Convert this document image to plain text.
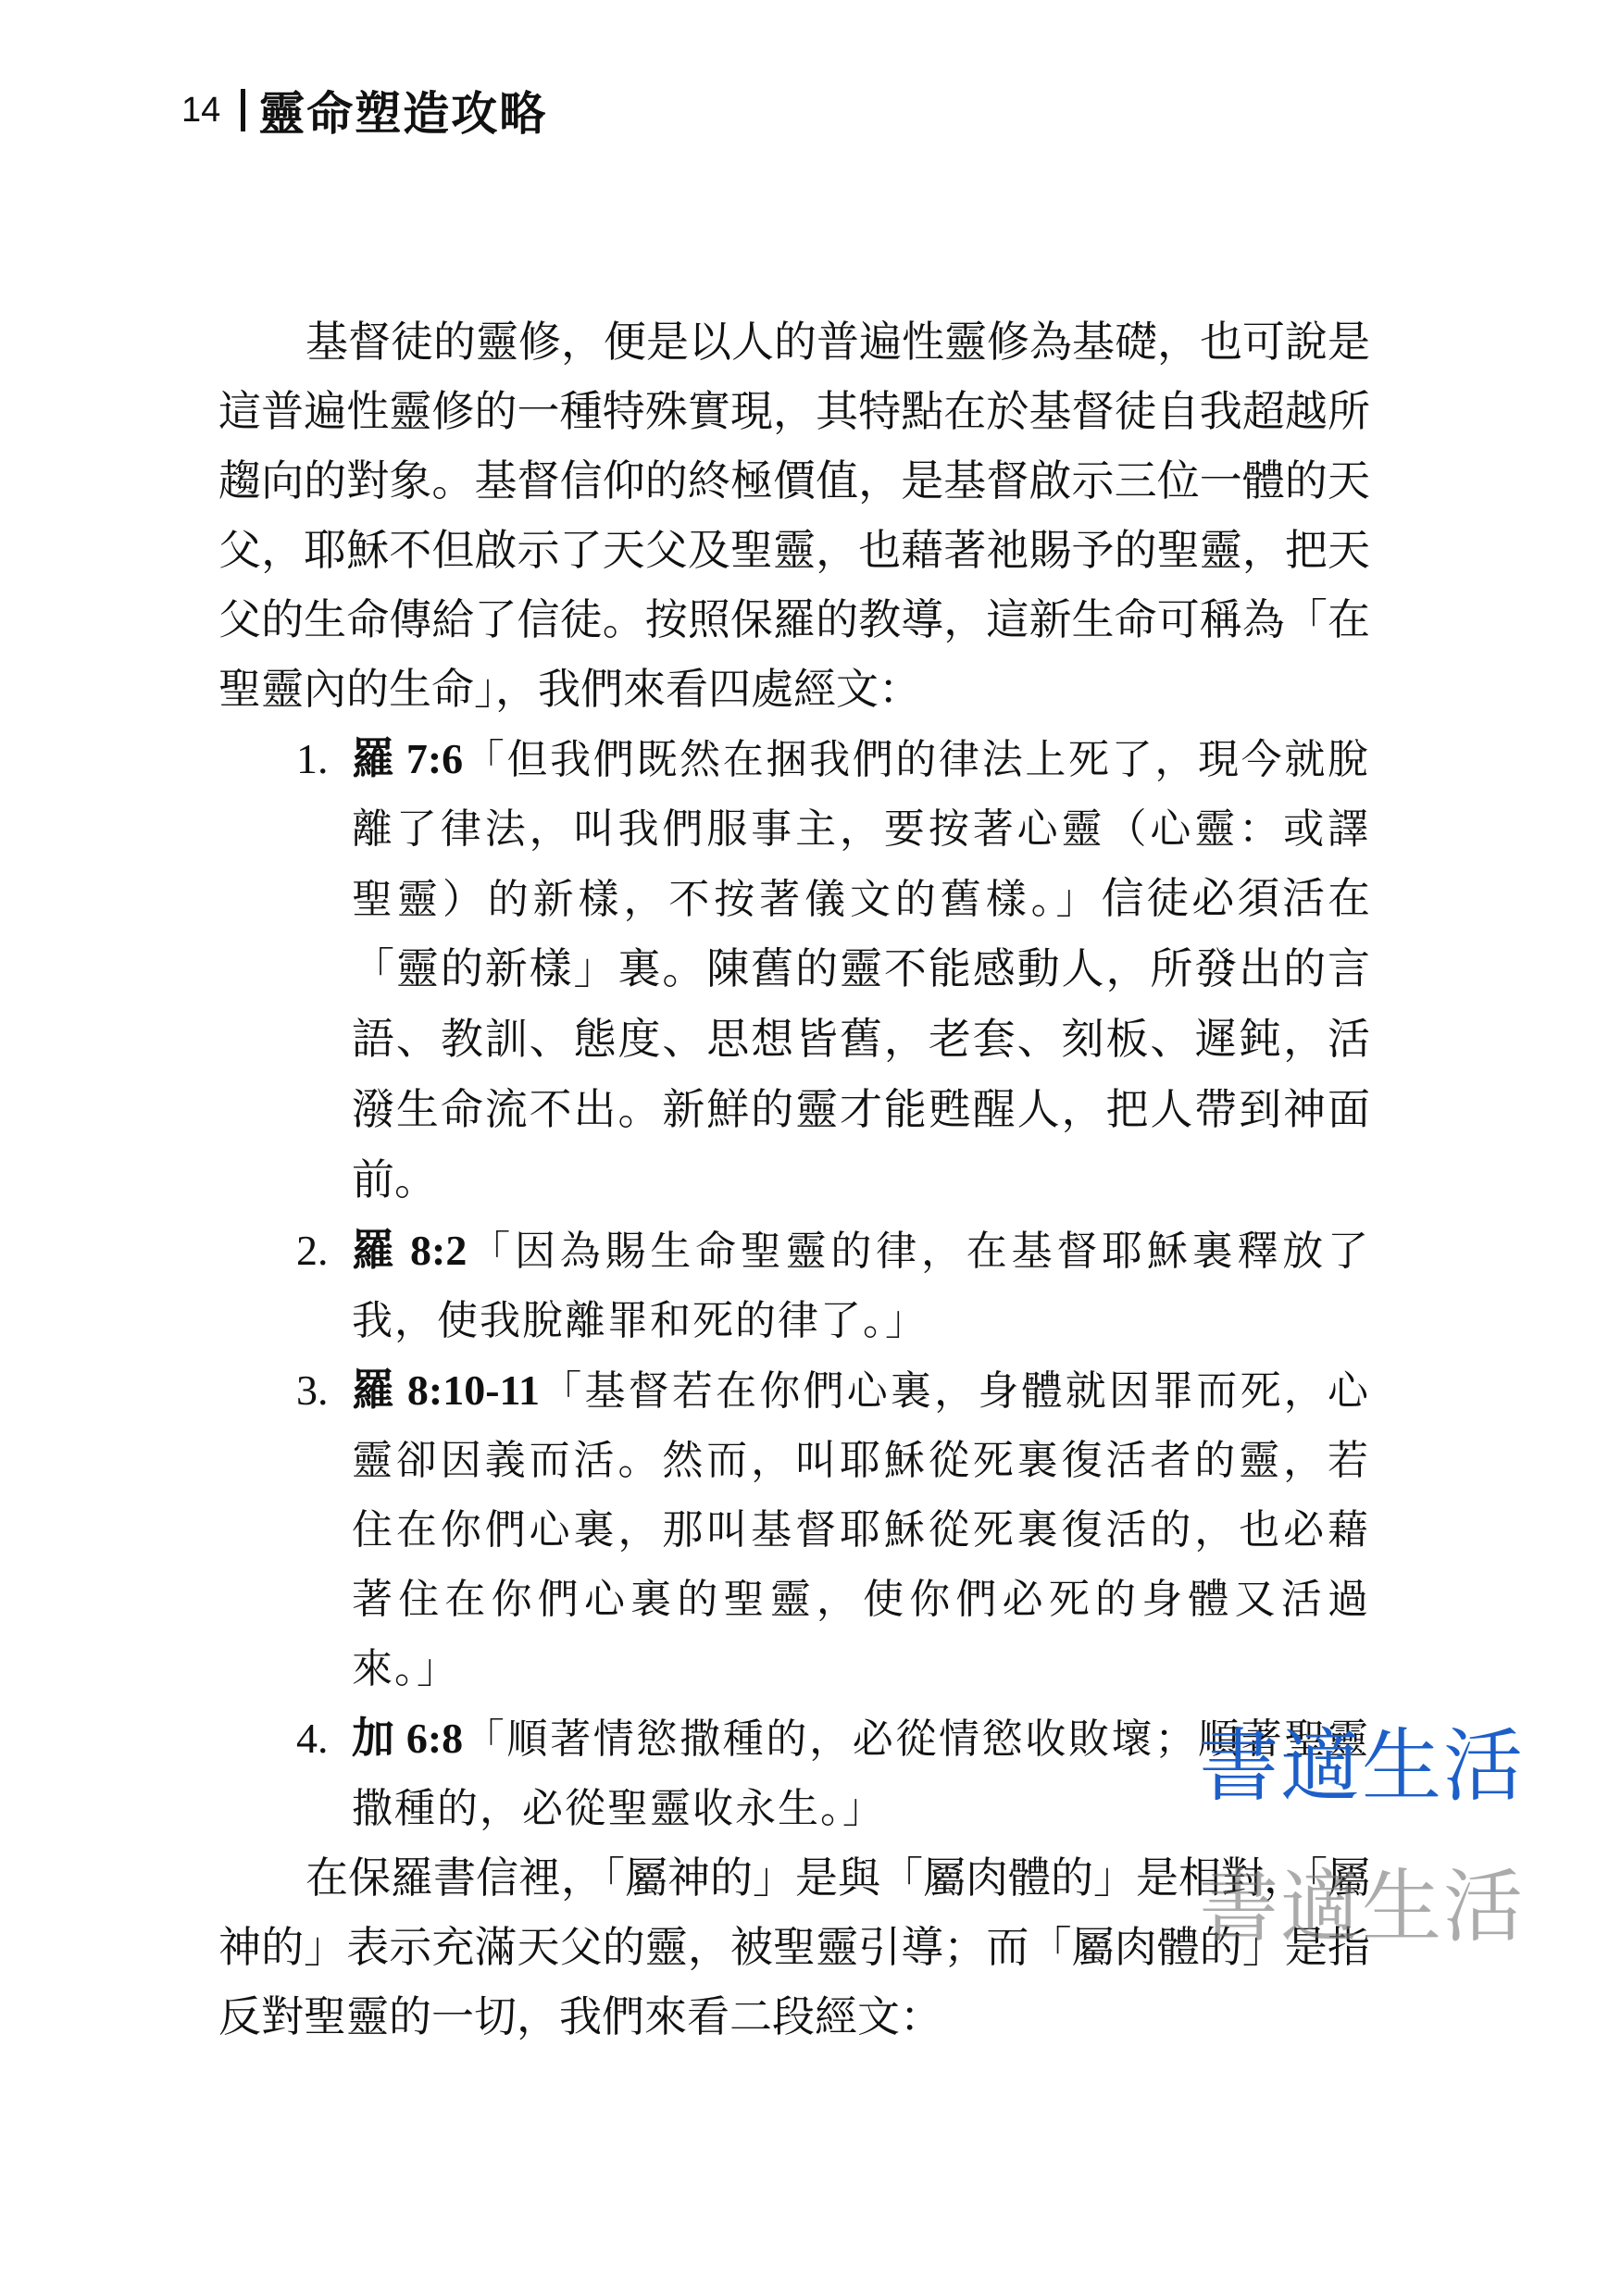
14 靈命塑造攻略

基督徒的靈修，便是以人的普遍性靈修為基礎，也可說是這普遍性靈修的一種特殊實現，其特點在於基督徒自我超越所趨向的對象。基督信仰的終極價值，是基督啟示三位一體的天父，耶穌不但啟示了天父及聖靈，也藉著祂賜予的聖靈，把天父的生命傳給了信徒。按照保羅的教導，這新生命可稱為「在聖靈內的生命」，我們來看四處經文：

1. 羅 7:6「但我們既然在捆我們的律法上死了，現今就脫離了律法，叫我們服事主，要按著心靈（心靈：或譯聖靈）的新樣，不按著儀文的舊樣。」信徒必須活在「靈的新樣」裏。陳舊的靈不能感動人，所發出的言語、教訓、態度、思想皆舊，老套、刻板、遲鈍，活潑生命流不出。新鮮的靈才能甦醒人，把人帶到神面前。
2. 羅 8:2「因為賜生命聖靈的律，在基督耶穌裏釋放了我，使我脫離罪和死的律了。」
3. 羅 8:10-11「基督若在你們心裏，身體就因罪而死，心靈卻因義而活。然而，叫耶穌從死裏復活者的靈，若住在你們心裏，那叫基督耶穌從死裏復活的，也必藉著住在你們心裏的聖靈，使你們必死的身體又活過來。」
4. 加 6:8「順著情慾撒種的，必從情慾收敗壞；順著聖靈撒種的，必從聖靈收永生。」

在保羅書信裡，「屬神的」是與「屬肉體的」是相對，「屬神的」表示充滿天父的靈，被聖靈引導；而「屬肉體的」是指反對聖靈的一切，我們來看二段經文：

書適生活
書適生活
